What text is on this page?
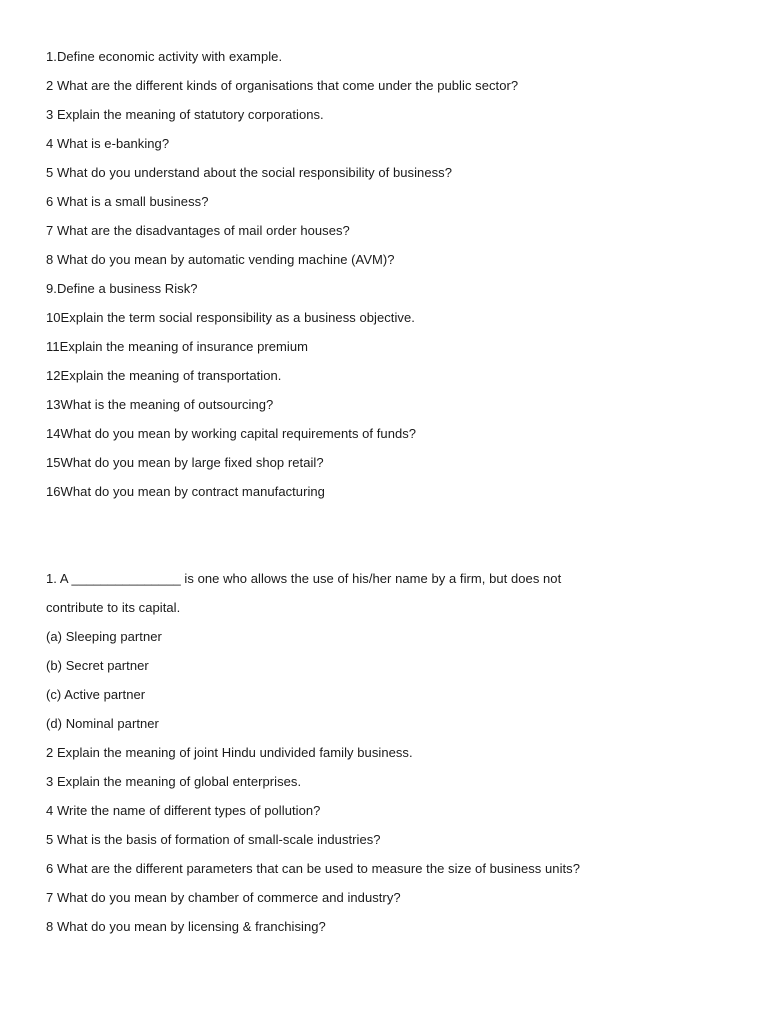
1.Define economic activity with example.

2 What are the different kinds of organisations that come under the public sector?

3 Explain the meaning of statutory corporations.

4 What is e-banking?

5 What do you understand about the social responsibility of business?

6 What is a small business?

7 What are the disadvantages of mail order houses?

8 What do you mean by automatic vending machine (AVM)?

9.Define a business Risk?

10Explain the term social responsibility as a business objective.

11Explain the meaning of insurance premium

12Explain the meaning of transportation.

13What is the meaning of outsourcing?

14What do you mean by working capital requirements of funds?

15What do you mean by large fixed shop retail?

16What do you mean by contract manufacturing

1. A _______________ is one who allows the use of his/her name by a firm, but does not

contribute to its capital.

(a) Sleeping partner

(b) Secret partner

(c) Active partner

(d) Nominal partner

2 Explain the meaning of joint Hindu undivided family business.

3 Explain the meaning of global enterprises.

4 Write the name of different types of pollution?

5 What is the basis of formation of small-scale industries?

6 What are the different parameters that can be used to measure the size of business units?

7 What do you mean by chamber of commerce and industry?

8 What do you mean by licensing & franchising?
